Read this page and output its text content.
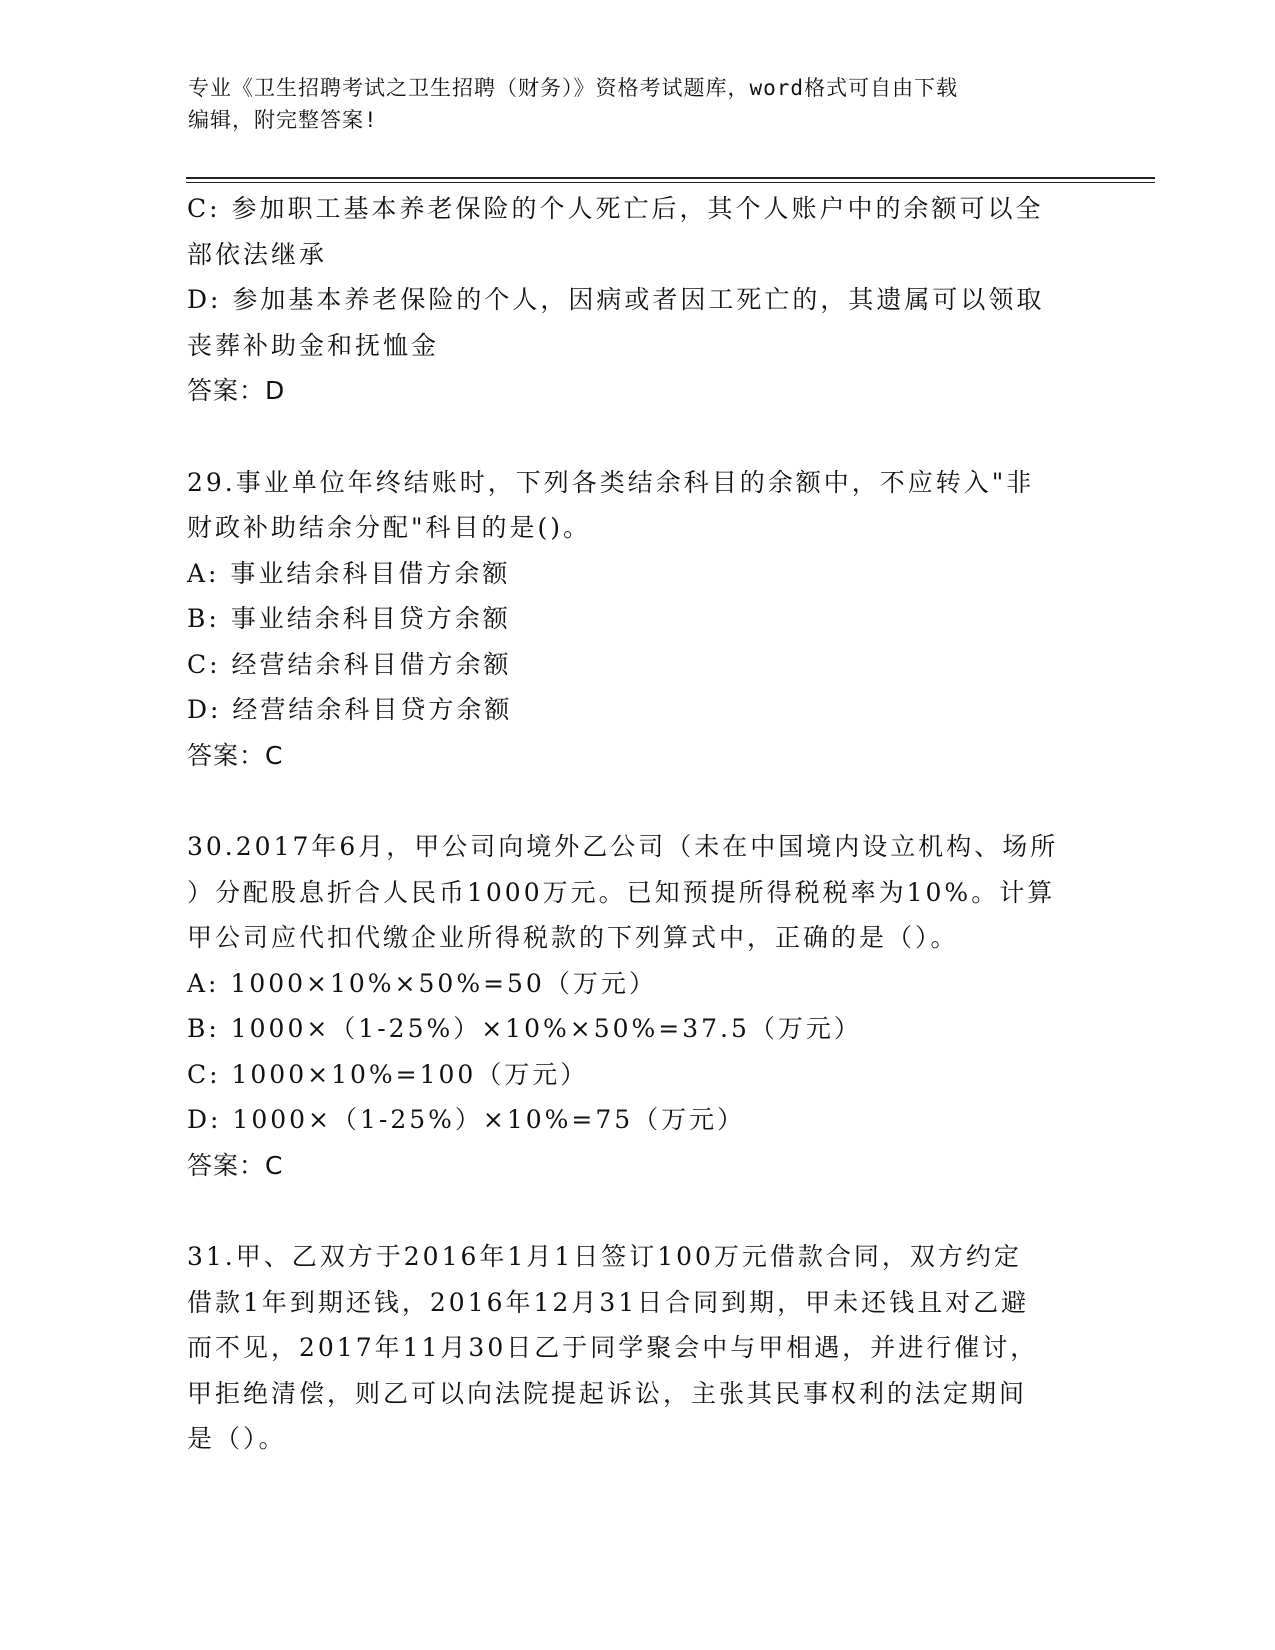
专业《卫生招聘考试之卫生招聘（财务）》资格考试题库，word格式可自由下载
编辑，附完整答案!
C: 参加职工基本养老保险的个人死亡后，其个人账户中的余额可以全
部依法继承
D: 参加基本养老保险的个人，因病或者因工死亡的，其遗属可以领取
丧葬补助金和抚恤金
答案：D
29.事业单位年终结账时，下列各类结余科目的余额中，不应转入"非
财政补助结余分配"科目的是()。
A: 事业结余科目借方余额
B: 事业结余科目贷方余额
C: 经营结余科目借方余额
D: 经营结余科目贷方余额
答案：C
30.2017年6月，甲公司向境外乙公司（未在中国境内设立机构、场所
）分配股息折合人民币1000万元。已知预提所得税税率为10%。计算
甲公司应代扣代缴企业所得税款的下列算式中，正确的是（）。
A: 1000×10%×50%=50（万元）
B: 1000×（1-25%）×10%×50%=37.5（万元）
C: 1000×10%=100（万元）
D: 1000×（1-25%）×10%=75（万元）
答案：C
31.甲、乙双方于2016年1月1日签订100万元借款合同，双方约定
借款1年到期还钱，2016年12月31日合同到期，甲未还钱且对乙避
而不见，2017年11月30日乙于同学聚会中与甲相遇，并进行催讨，
甲拒绝清偿，则乙可以向法院提起诉讼，主张其民事权利的法定期间
是（）。
